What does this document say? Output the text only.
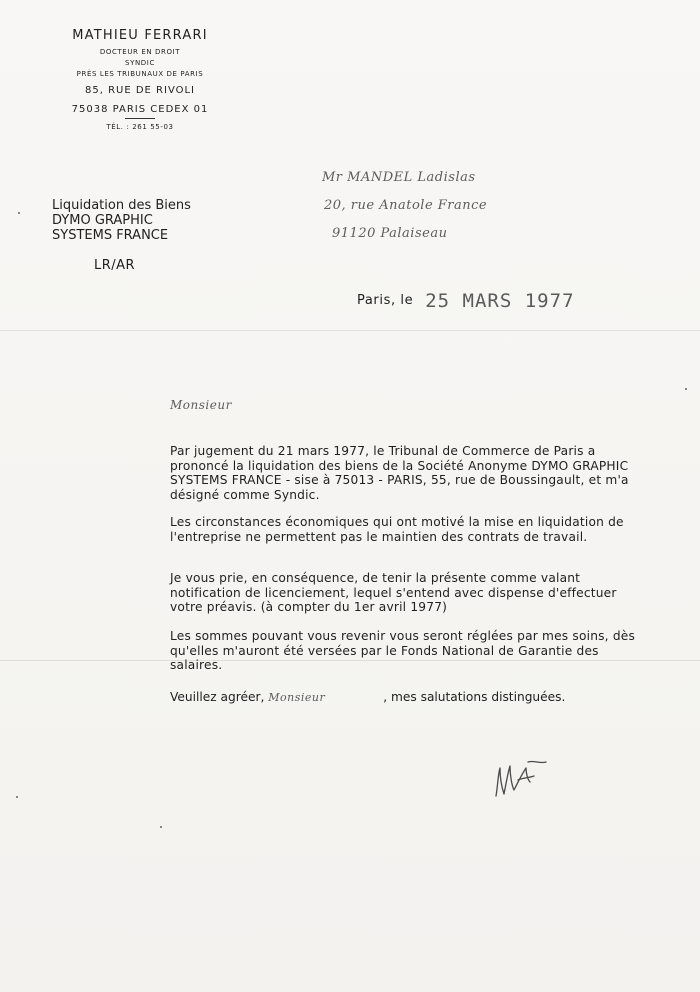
MATHIEU FERRARI
DOCTEUR EN DROIT
SYNDIC
PRÈS LES TRIBUNAUX DE PARIS
85, RUE DE RIVOLI
75038 PARIS CEDEX 01
TÉL. : 261 55-03
Mr MANDEL Ladislas
20, rue Anatole France
91120 Palaiseau
Liquidation des Biens
DYMO GRAPHIC
SYSTEMS FRANCE
LR/AR
Paris, le 25 MARS 1977
Monsieur
Par jugement du 21 mars 1977, le Tribunal de Commerce de Paris a prononcé la liquidation des biens de la Société Anonyme DYMO GRAPHIC SYSTEMS FRANCE - sise à 75013 - PARIS, 55, rue de Boussingault, et m'a désigné comme Syndic.
Les circonstances économiques qui ont motivé la mise en liquidation de l'entreprise ne permettent pas le maintien des contrats de travail.
Je vous prie, en conséquence, de tenir la présente comme valant notification de licenciement, lequel s'entend avec dispense d'effectuer votre préavis. (à compter du 1er avril 1977)
Les sommes pouvant vous revenir vous seront réglées par mes soins, dès qu'elles m'auront été versées par le Fonds National de Garantie des salaires.
Veuillez agréer, Monsieur	, mes salutations distinguées.
